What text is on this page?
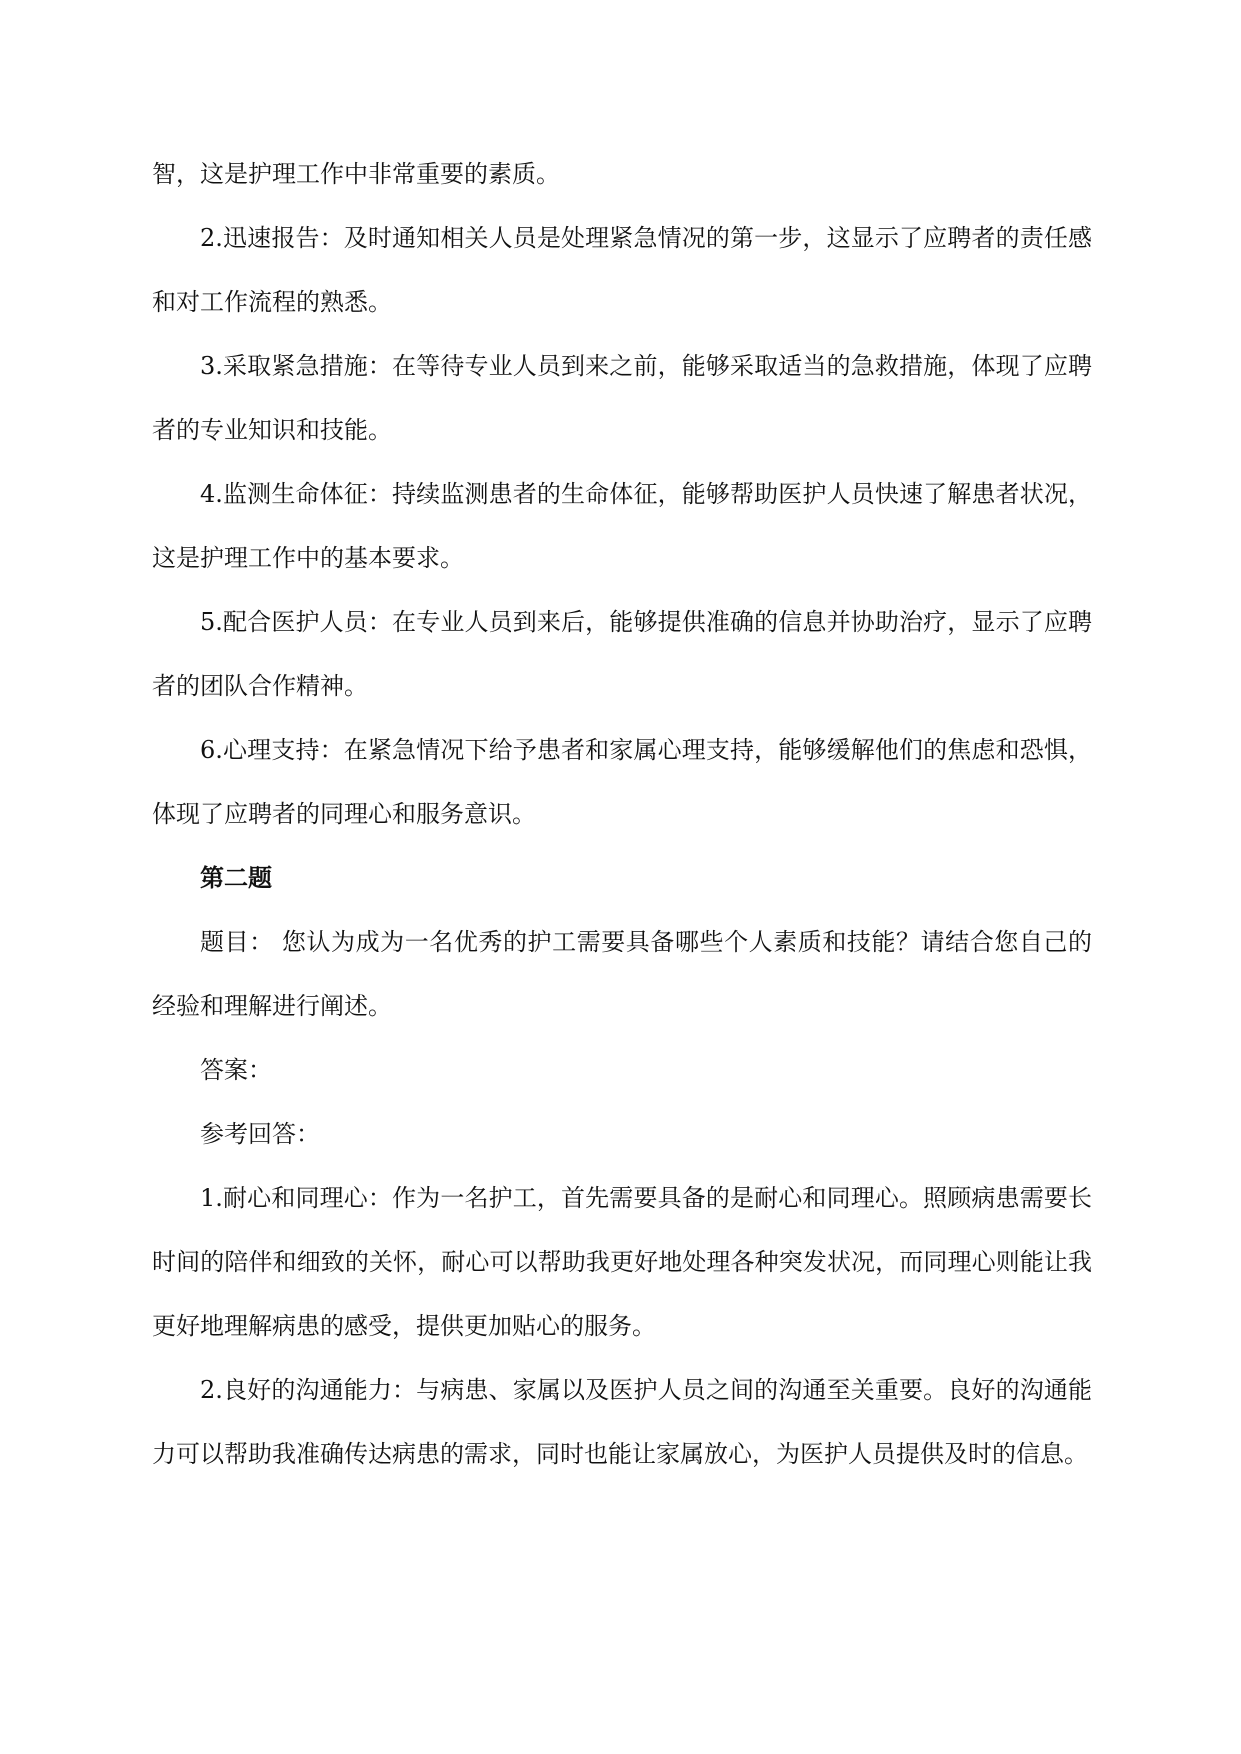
智，这是护理工作中非常重要的素质。

2.迅速报告：及时通知相关人员是处理紧急情况的第一步，这显示了应聘者的责任感和对工作流程的熟悉。

3.采取紧急措施：在等待专业人员到来之前，能够采取适当的急救措施，体现了应聘者的专业知识和技能。

4.监测生命体征：持续监测患者的生命体征，能够帮助医护人员快速了解患者状况，这是护理工作中的基本要求。

5.配合医护人员：在专业人员到来后，能够提供准确的信息并协助治疗，显示了应聘者的团队合作精神。

6.心理支持：在紧急情况下给予患者和家属心理支持，能够缓解他们的焦虑和恐惧，体现了应聘者的同理心和服务意识。

第二题

题目： 您认为成为一名优秀的护工需要具备哪些个人素质和技能？请结合您自己的经验和理解进行阐述。

答案：

参考回答：

1.耐心和同理心：作为一名护工，首先需要具备的是耐心和同理心。照顾病患需要长时间的陪伴和细致的关怀，耐心可以帮助我更好地处理各种突发状况，而同理心则能让我更好地理解病患的感受，提供更加贴心的服务。

2.良好的沟通能力：与病患、家属以及医护人员之间的沟通至关重要。良好的沟通能力可以帮助我准确传达病患的需求，同时也能让家属放心，为医护人员提供及时的信息。
